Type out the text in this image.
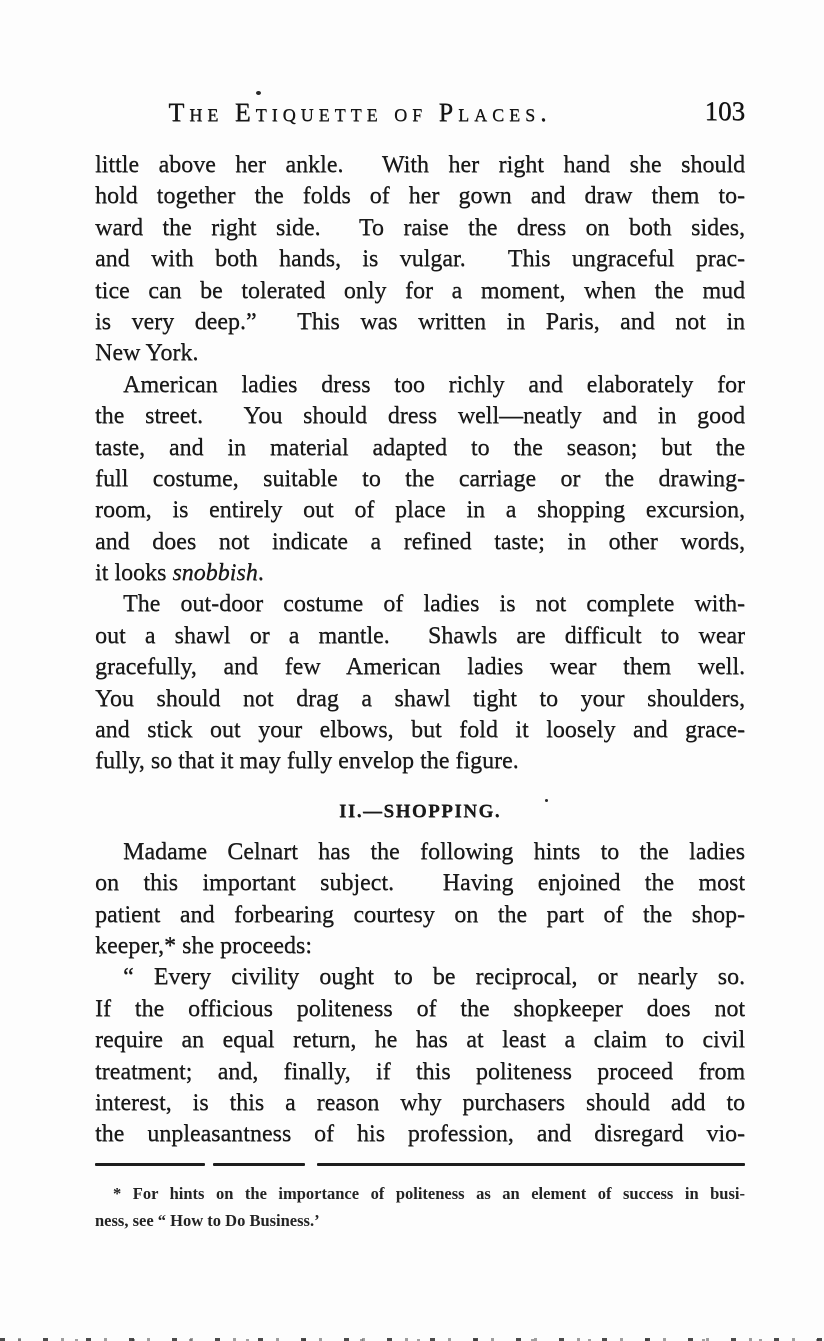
The Etiquette of Places.	103
little above her ankle.  With her right hand she should
hold together the folds of her gown and draw them to-
ward the right side.  To raise the dress on both sides,
and with both hands, is vulgar.  This ungraceful prac-
tice can be tolerated only for a moment, when the mud
is very deep.”  This was written in Paris, and not in
New York.
American ladies dress too richly and elaborately for
the street.  You should dress well—neatly and in good
taste, and in material adapted to the season; but the
full costume, suitable to the carriage or the drawing-
room, is entirely out of place in a shopping excursion,
and does not indicate a refined taste; in other words,
it looks snobbish.
The out-door costume of ladies is not complete with-
out a shawl or a mantle.  Shawls are difficult to wear
gracefully, and few American ladies wear them well.
You should not drag a shawl tight to your shoulders,
and stick out your elbows, but fold it loosely and grace-
fully, so that it may fully envelop the figure.
II.—SHOPPING.
Madame Celnart has the following hints to the ladies
on this important subject.  Having enjoined the most
patient and forbearing courtesy on the part of the shop-
keeper,* she proceeds:
“ Every civility ought to be reciprocal, or nearly so.
If the officious politeness of the shopkeeper does not
require an equal return, he has at least a claim to civil
treatment; and, finally, if this politeness proceed from
interest, is this a reason why purchasers should add to
the unpleasantness of his profession, and disregard vio-
* For hints on the importance of politeness as an element of success in busi-
ness, see “ How to Do Business.’
